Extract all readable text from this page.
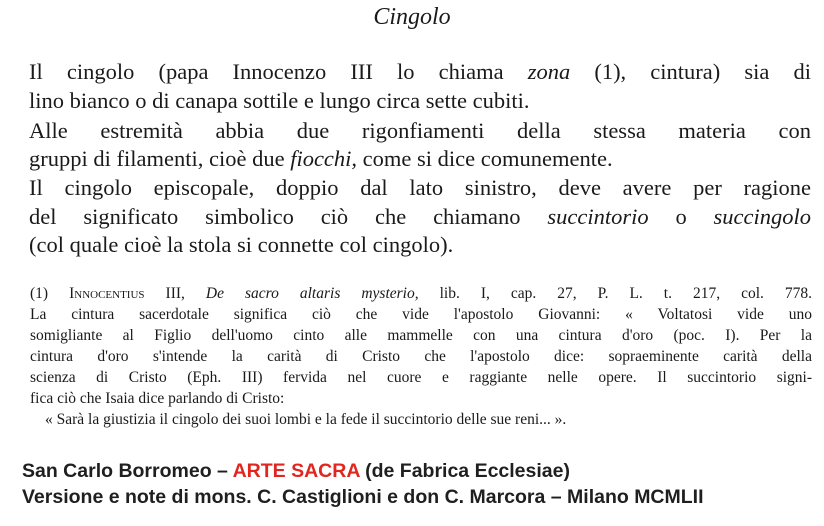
Cingolo
Il cingolo (papa Innocenzo III lo chiama zona (1), cintura) sia di
lino bianco o di canapa sottile e lungo circa sette cubiti.
Alle estremità abbia due rigonfiamenti della stessa materia con
gruppi di filamenti, cioè due fiocchi, come si dice comunemente.
Il cingolo episcopale, doppio dal lato sinistro, deve avere per ragione
del significato simbolico ciò che chiamano succintorio o succingolo
(col quale cioè la stola si connette col cingolo).
(1) Innocentius III, De sacro altaris mysterio, lib. I, cap. 27, P. L. t. 217, col. 778.
La cintura sacerdotale significa ciò che vide l'apostolo Giovanni: « Voltatosi vide uno
somigliante al Figlio dell'uomo cinto alle mammelle con una cintura d'oro (poc. I). Per la
cintura d'oro s'intende la carità di Cristo che l'apostolo dice: sopraeminente carità della
scienza di Cristo (Eph. III) fervida nel cuore e raggiante nelle opere. Il succintorio signi-
fica ciò che Isaia dice parlando di Cristo:
« Sarà la giustizia il cingolo dei suoi lombi e la fede il succintorio delle sue reni... ».
San Carlo Borromeo – ARTE SACRA (de Fabrica Ecclesiae)
Versione e note di mons. C. Castiglioni e don C. Marcora – Milano MCMLII
